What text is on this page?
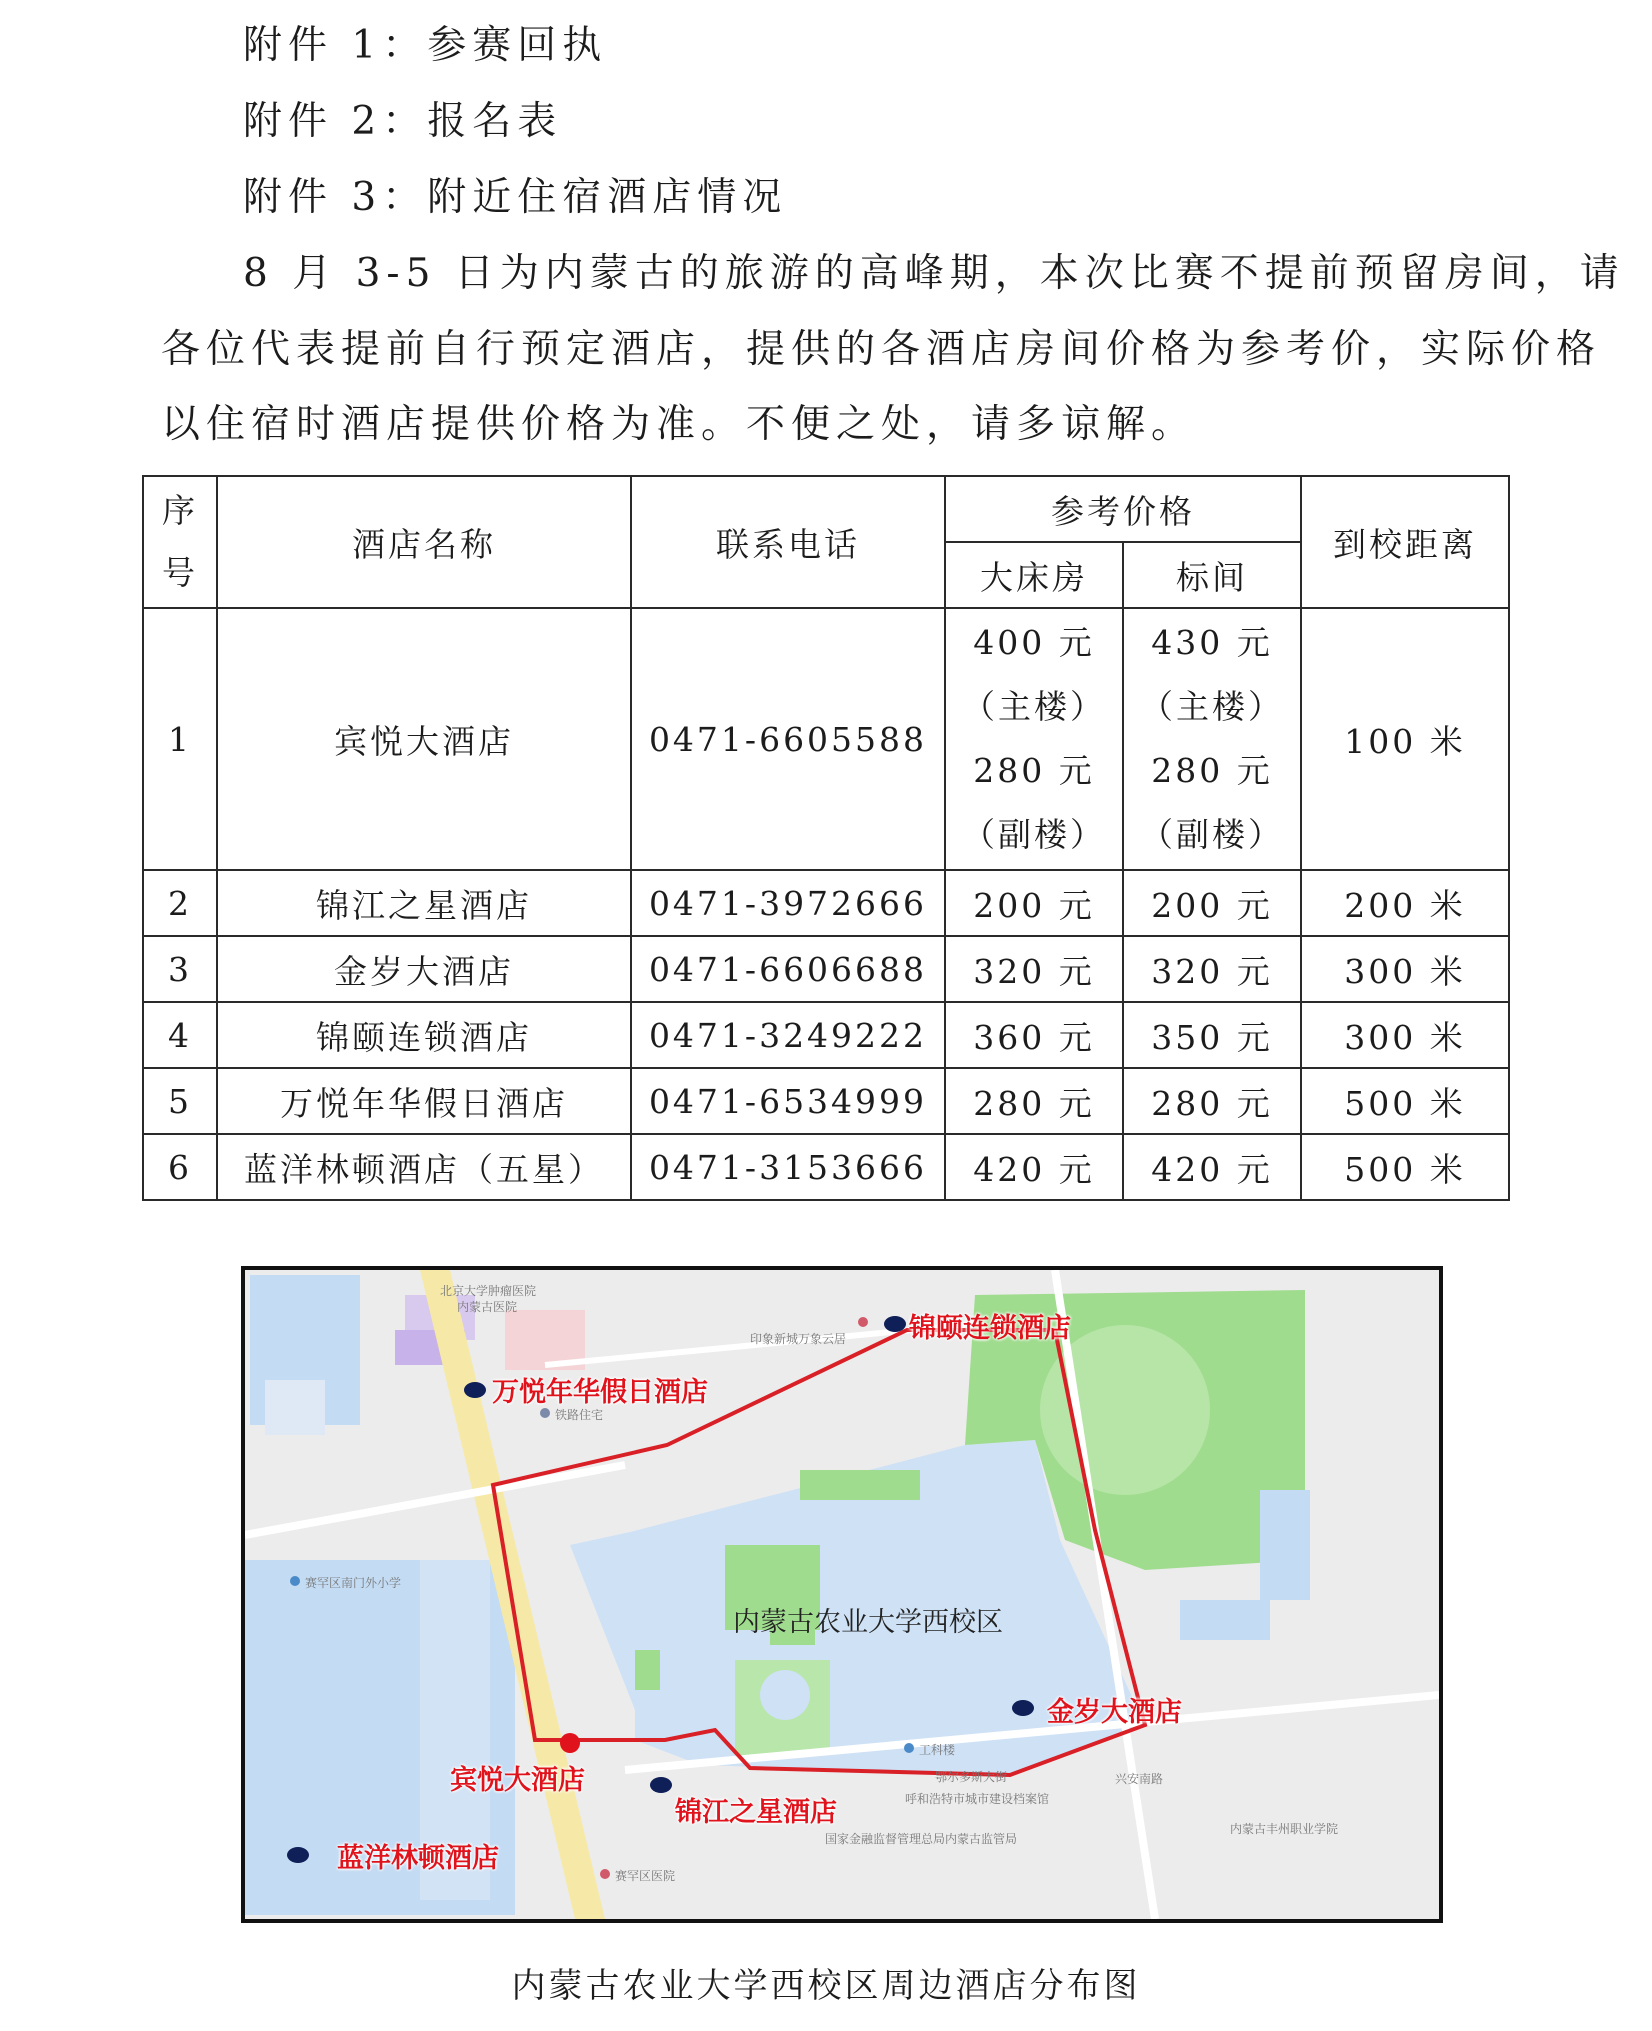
附件 1：参赛回执
附件 2：报名表
附件 3：附近住宿酒店情况
8 月 3-5 日为内蒙古的旅游的高峰期，本次比赛不提前预留房间，请
各位代表提前自行预定酒店，提供的各酒店房间价格为参考价，实际价格
以住宿时酒店提供价格为准。不便之处，请多谅解。
序
号	酒店名称	联系电话	参考价格		到校距离
			大床房	标间	
1	宾悦大酒店	0471-6605588	400 元
（主楼）
280 元
（副楼）	430 元
（主楼）
280 元
（副楼）	100 米
2	锦江之星酒店	0471-3972666	200 元	200 元	200 米
3	金岁大酒店	0471-6606688	320 元	320 元	300 米
4	锦颐连锁酒店	0471-3249222	360 元	350 元	300 米
5	万悦年华假日酒店	0471-6534999	280 元	280 元	500 米
6	蓝洋林顿酒店（五星）	0471-3153666	420 元	420 元	500 米
北京大学肿瘤医院
内蒙古医院
铁路住宅
赛罕区南门外小学
赛罕区医院
工科楼
呼和浩特市城市建设档案馆
国家金融监督管理总局内蒙古监管局
内蒙古丰州职业学院
印象新城万象云居
兴安南路
鄂尔多斯大街
内蒙古农业大学西校区
锦颐连锁酒店
万悦年华假日酒店
金岁大酒店
宾悦大酒店
锦江之星酒店
蓝洋林顿酒店
内蒙古农业大学西校区周边酒店分布图
